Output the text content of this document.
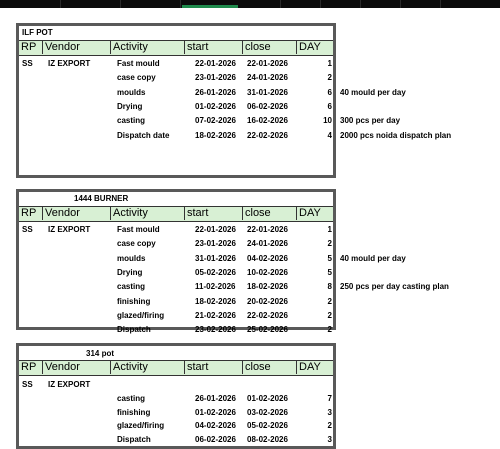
40 mould per day
300 pcs per day
2000 pcs noida dispatch plan
ILF POT
RP Vendor	Activity	start	close	DAY
SS IZ EXPORT	Fast mould	22-01-2026 22-01-2026	1
case copy	23-01-2026 24-01-2026	2
moulds	26-01-2026 31-01-2026	6
Drying	01-02-2026 06-02-2026	6
casting	07-02-2026 16-02-2026	10
Dispatch date	18-02-2026 22-02-2026	4
40 mould per day
250 pcs per day casting plan
1444 BURNER
RP Vendor	Activity	start	close	DAY
SS IZ EXPORT	Fast mould	22-01-2026 22-01-2026	1
case copy	23-01-2026 24-01-2026	2
moulds	31-01-2026 04-02-2026	5
Drying	05-02-2026 10-02-2026	5
casting	11-02-2026 18-02-2026	8
finishing	18-02-2026 20-02-2026	2
glazed/firing	21-02-2026 22-02-2026	2
Dispatch	23-02-2026 25-02-2026	2
314 pot
RP Vendor	Activity	start	close	DAY
SS IZ EXPORT
casting	26-01-2026 01-02-2026	7
finishing	01-02-2026 03-02-2026	3
glazed/firing	04-02-2026 05-02-2026	2
Dispatch	06-02-2026 08-02-2026	3
